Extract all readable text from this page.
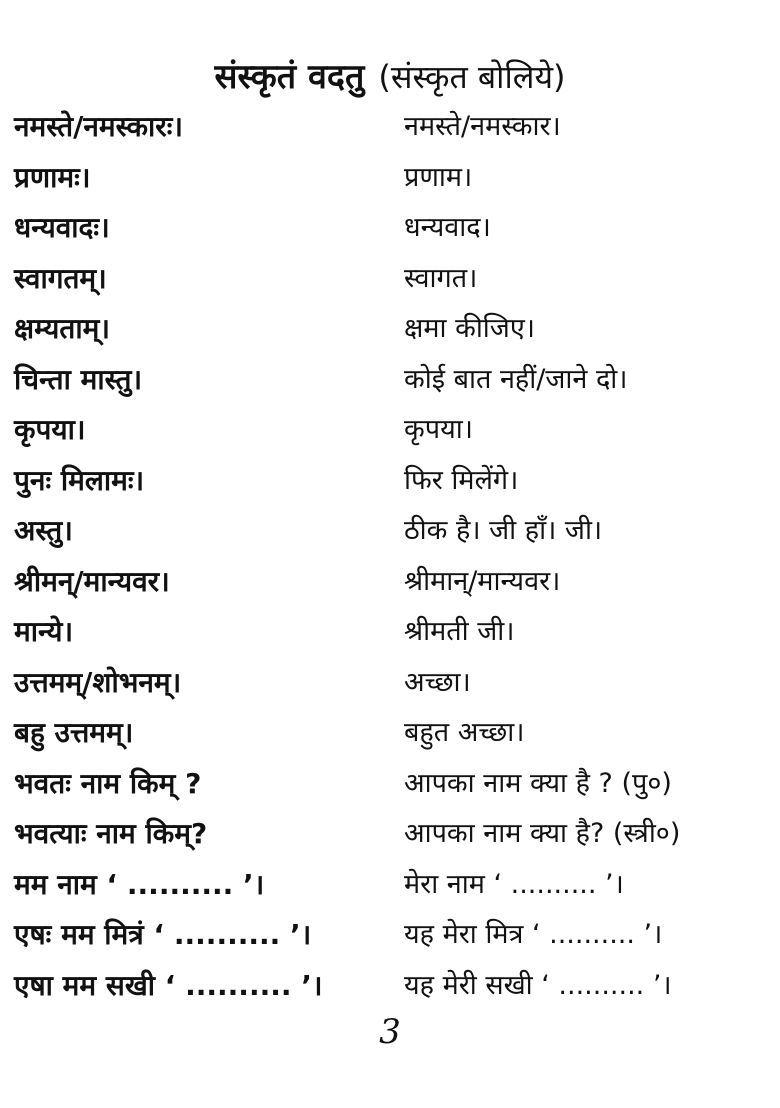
संस्कृतं वदतु (संस्कृत बोलिये)
नमस्ते/नमस्कारः।	नमस्ते/नमस्कार।
प्रणामः।	प्रणाम।
धन्यवादः।	धन्यवाद।
स्वागतम्।	स्वागत।
क्षम्यताम्।	क्षमा कीजिए।
चिन्ता मास्तु।	कोई बात नहीं/जाने दो।
कृपया।	कृपया।
पुनः मिलामः।	फिर मिलेंगे।
अस्तु।	ठीक है। जी हाँ। जी।
श्रीमन्/मान्यवर।	श्रीमान्/मान्यवर।
मान्ये।	श्रीमती जी।
उत्तमम्/शोभनम्।	अच्छा।
बहु उत्तमम्।	बहुत अच्छा।
भवतः नाम किम् ?	आपका नाम क्या है ? (पु०)
भवत्याः नाम किम्?	आपका नाम क्या है? (स्त्री०)
मम नाम ‘ .......... ’।	मेरा नाम ‘ .......... ’।
एषः मम मित्रं ‘ .......... ’।	यह मेरा मित्र ‘ .......... ’।
एषा मम सखी ‘ .......... ’।	यह मेरी सखी ‘ .......... ’।
3
